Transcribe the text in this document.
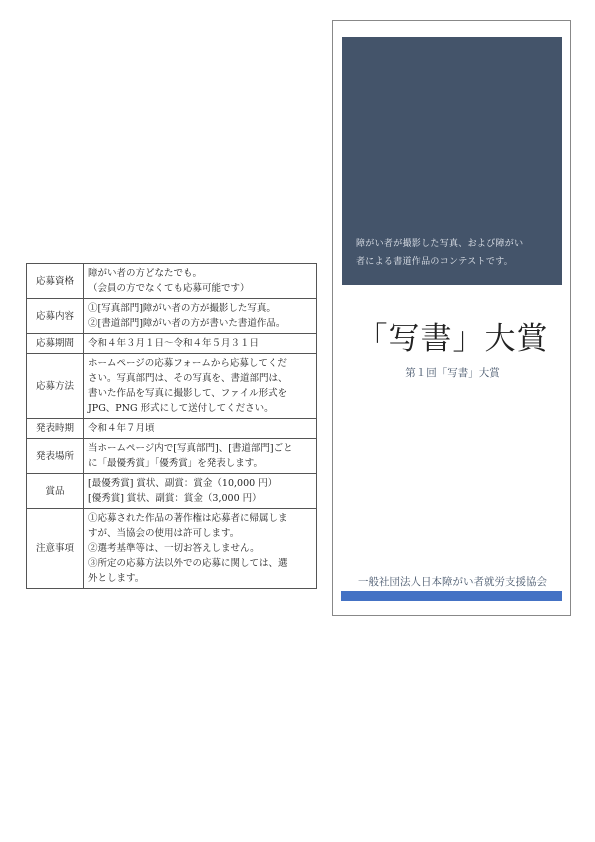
応募資格	障がい者の方どなたでも。
（会員の方でなくても応募可能です）

応募内容	①[写真部門]障がい者の方が撮影した写真。
②[書道部門]障がい者の方が書いた書道作品。

応募期間	令和４年３月１日〜令和４年５月３１日

応募方法	ホームページの応募フォームから応募してくだ
さい。写真部門は、その写真を、書道部門は、
書いた作品を写真に撮影して、ファイル形式を
JPG、PNG 形式にして送付してください。

発表時期	令和４年７月頃

発表場所	当ホームページ内で[写真部門]、[書道部門]ごと
に「最優秀賞」「優秀賞」を発表します。

賞品	[最優秀賞] 賞状、副賞：賞金（10,000 円）
[優秀賞] 賞状、副賞：賞金（3,000 円）

注意事項	①応募された作品の著作権は応募者に帰属しま
すが、当協会の使用は許可します。
②選考基準等は、一切お答えしません。
③所定の応募方法以外での応募に関しては、選
外とします。
障がい者が撮影した写真、および障がい
者による書道作品のコンテストです。
「写書」大賞
第１回「写書」大賞
一般社団法人日本障がい者就労支援協会
